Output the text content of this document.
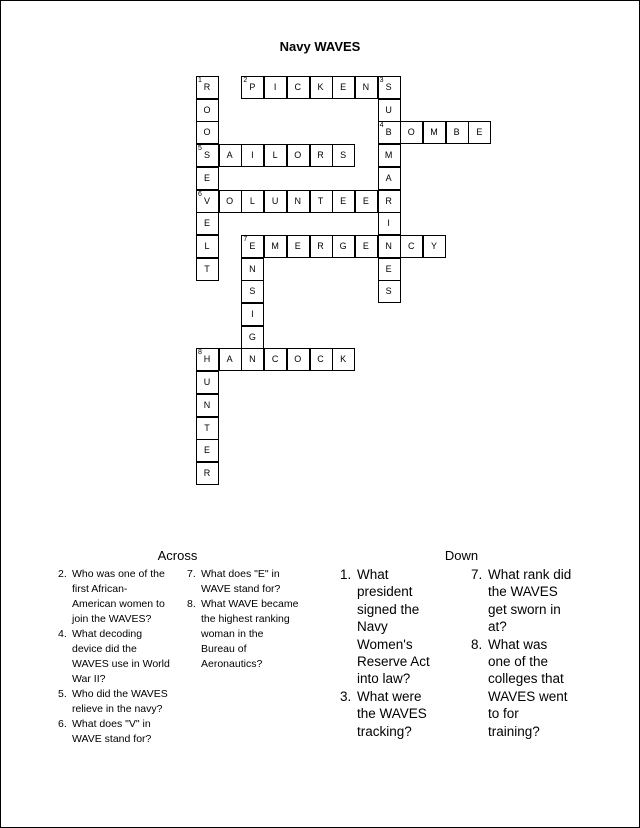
Navy WAVES
R
1
O
O
S
5
E
V
6
E
L
T
P
2
I	C	K	E	N	S
3
U
B
4
M
A
R
I
N
E
S
O	M	B	E
A	I	L	O	R	S
O	L	U	N	T	E	E
E
7
M	E	R	G	E	C	Y
N
S
I
G
N
H
8
A	C	O	C	K
U
N
T
E
R
Across
2. Who was one of the first African-American women to join the WAVES?
4. What decoding device did the WAVES use in World War II?
5. Who did the WAVES relieve in the navy?
6. What does "V" in WAVE stand for?
7. What does "E" in WAVE stand for?
8. What WAVE became the highest ranking woman in the Bureau of Aeronautics?
Down
1. What president signed the Navy Women's Reserve Act into law?
3. What were the WAVES tracking?
7. What rank did the WAVES get sworn in at?
8. What was one of the colleges that WAVES went to for training?
